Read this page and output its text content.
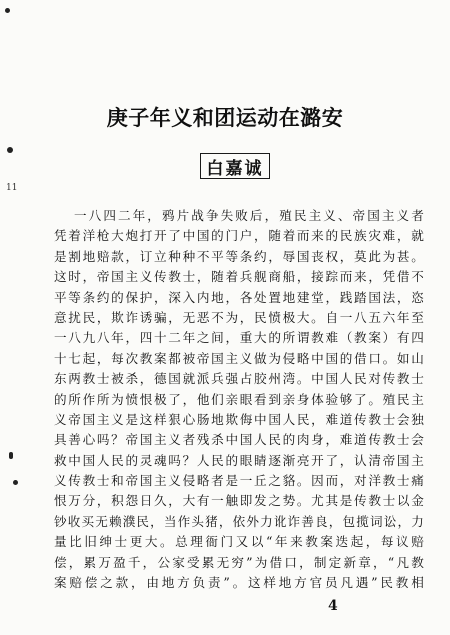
11
庚子年义和团运动在潞安
白嘉诚
一八四二年，鸦片战争失败后，殖民主义、帝国主义者
凭着洋枪大炮打开了中国的门户，随着而来的民族灾难，就
是割地赔款，订立种种不平等条约，辱国丧权，莫此为甚。
这时，帝国主义传教士，随着兵舰商船，接踪而来，凭借不
平等条约的保护，深入内地，各处置地建堂，践踏国法，恣
意扰民，欺诈诱骗，无恶不为，民愤极大。自一八五六年至
一八九八年，四十二年之间，重大的所谓教难（教案）有四
十七起，每次教案都被帝国主义做为侵略中国的借口。如山
东两教士被杀，德国就派兵强占胶州湾。中国人民对传教士
的所作所为愤恨极了，他们亲眼看到亲身体验够了。殖民主
义帝国主义是这样狠心肠地欺侮中国人民，难道传教士会独
具善心吗？帝国主义者残杀中国人民的肉身，难道传教士会
救中国人民的灵魂吗？人民的眼睛逐渐亮开了，认清帝国主
义传教士和帝国主义侵略者是一丘之貉。因而，对洋教士痛
恨万分，积怨日久，大有一触即发之势。尤其是传教士以金
钞收买无赖濮民，当作头猪，依外力讹诈善良，包揽词讼，力
量比旧绅士更大。总理衙门又以“年来教案迭起，每议赔
偿，累万盈千，公家受累无穷”为借口，制定新章，“凡教
案赔偿之款，由地方负责”。这样地方官员凡遇”民教相
4
